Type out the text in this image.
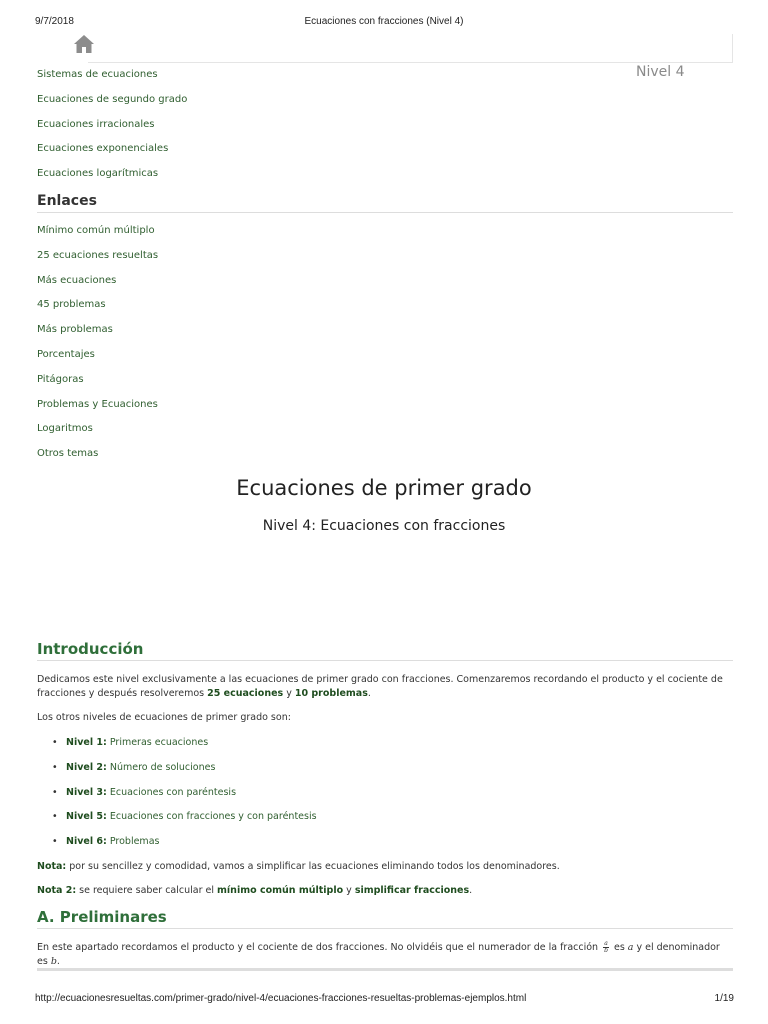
9/7/2018	Ecuaciones con fracciones (Nivel 4)
Nivel 4
Sistemas de ecuaciones
Ecuaciones de segundo grado
Ecuaciones irracionales
Ecuaciones exponenciales
Ecuaciones logarítmicas
Enlaces
Mínimo común múltiplo
25 ecuaciones resueltas
Más ecuaciones
45 problemas
Más problemas
Porcentajes
Pitágoras
Problemas y Ecuaciones
Logaritmos
Otros temas
Ecuaciones de primer grado
Nivel 4: Ecuaciones con fracciones
Introducción

Dedicamos este nivel exclusivamente a las ecuaciones de primer grado con fracciones. Comenzaremos recordando el producto y el cociente de fracciones y después resolveremos 25 ecuaciones y 10 problemas.

Los otros niveles de ecuaciones de primer grado son:

• Nivel 1: Primeras ecuaciones
• Nivel 2: Número de soluciones
• Nivel 3: Ecuaciones con paréntesis
• Nivel 5: Ecuaciones con fracciones y con paréntesis
• Nivel 6: Problemas

Nota: por su sencillez y comodidad, vamos a simplificar las ecuaciones eliminando todos los denominadores.

Nota 2: se requiere saber calcular el mínimo común múltiplo y simplificar fracciones.

A. Preliminares

En este apartado recordamos el producto y el cociente de dos fracciones. No olvidéis que el numerador de la fracción $\frac{a}{b}$ es a y el denominador es b.

http://ecuacionesresueltas.com/primer-grado/nivel-4/ecuaciones-fracciones-resueltas-problemas-ejemplos.html	1/19
